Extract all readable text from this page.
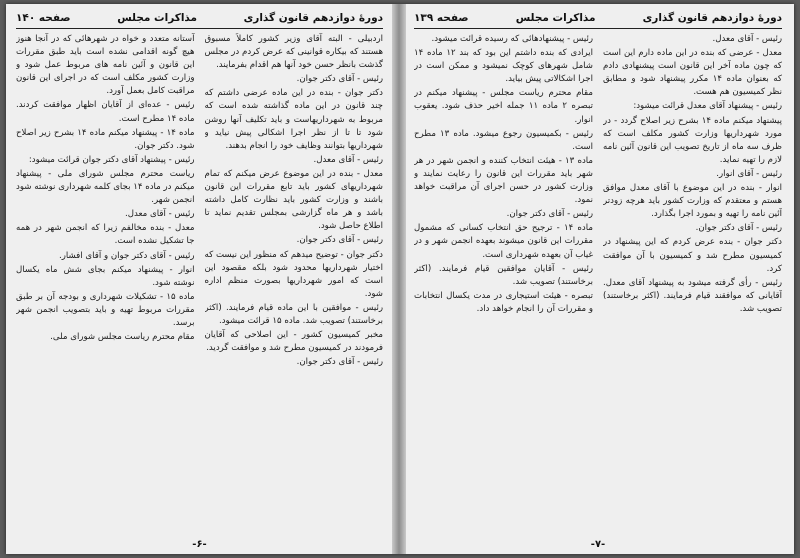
دورهٔ دوازدهم قانون گذاری
مذاکرات مجلس
صفحه ۱۴۰

اردبیلی - البته آقای وزیر کشور کاملاً مسبوق هستند که بیکاره قوانینی که عرض کردم در مجلس گذشت بانظر حسن خود آنها هم اقدام بفرمایند.

رئیس - آقای دکتر جوان.

دکتر جوان - بنده در این ماده عرضی داشتم که چند قانون در این ماده گذاشته شده است که مربوط به شهرداریهاست و باید تکلیف آنها روشن شود تا تا از نظر اجرا اشکالی پیش نیاید و شهرداریها بتوانند وظایف خود را انجام بدهند.

رئیس - آقای معدل.

معدل - بنده در این موضوع عرض میکنم که تمام شهرداریهای کشور باید تابع مقررات این قانون باشند و وزارت کشور باید نظارت کامل داشته باشد و هر ماه گزارشی بمجلس تقدیم نماید تا اطلاع حاصل شود.

رئیس - آقای دکتر جوان.

دکتر جوان - توضیح میدهم که منظور این نیست که اختیار شهرداریها محدود شود بلکه مقصود این است که امور شهرداریها بصورت منظم اداره شود.

رئیس - موافقین با این ماده قیام فرمایند. (اکثر برخاستند) تصویب شد. ماده ۱۵ قرائت میشود.

مخبر کمیسیون کشور - این اصلاحی که آقایان فرمودند در کمیسیون مطرح شد و موافقت گردید.

رئیس - آقای دکتر جوان.

آستانه متعدد و خواه در شهرهائی که در آنجا هنوز هیچ گونه اقدامی نشده است باید طبق مقررات این قانون و آئین نامه های مربوط عمل شود و وزارت کشور مکلف است که در اجرای این قانون مراقبت کامل بعمل آورد.

رئیس - عده‌ای از آقایان اظهار موافقت کردند. ماده ۱۴ مطرح است.

ماده ۱۴ - پیشنهاد میکنم ماده ۱۴ بشرح زیر اصلاح شود. دکتر جوان.

رئیس - پیشنهاد آقای دکتر جوان قرائت میشود:

ریاست محترم مجلس شورای ملی - پیشنهاد میکنم در ماده ۱۴ بجای کلمه شهرداری نوشته شود انجمن شهر.

رئیس - آقای معدل.

معدل - بنده مخالفم زیرا که انجمن شهر در همه جا تشکیل نشده است.

رئیس - آقای دکتر جوان و آقای افشار.

انوار - پیشنهاد میکنم بجای شش ماه یکسال نوشته شود.

ماده ۱۵ - تشکیلات شهرداری و بودجه آن بر طبق مقررات مربوط تهیه و باید بتصویب انجمن شهر برسد.

مقام محترم ریاست مجلس شورای ملی.

-۶-
دورهٔ دوازدهم قانون گذاری
مذاکرات مجلس
صفحه ۱۳۹

رئیس - آقای معدل.

معدل - عرضی که بنده در این ماده دارم این است که چون ماده آخر این قانون است پیشنهادی دادم که بعنوان ماده ۱۴ مکرر پیشنهاد شود و مطابق نظر کمیسیون هم هست.

رئیس - پیشنهاد آقای معدل قرائت میشود:

پیشنهاد میکنم ماده ۱۴ بشرح زیر اصلاح گردد - در مورد شهرداریها وزارت کشور مکلف است که ظرف سه ماه از تاریخ تصویب این قانون آئین نامه لازم را تهیه نماید.

رئیس - آقای انوار.

انوار - بنده در این موضوع با آقای معدل موافق هستم و معتقدم که وزارت کشور باید هرچه زودتر آئین نامه را تهیه و بمورد اجرا بگذارد.

رئیس - آقای دکتر جوان.

دکتر جوان - بنده عرض کردم که این پیشنهاد در کمیسیون مطرح شد و کمیسیون با آن موافقت کرد.

رئیس - رأی گرفته میشود به پیشنهاد آقای معدل. آقایانی که موافقند قیام فرمایند. (اکثر برخاستند) تصویب شد.

رئیس - پیشنهادهائی که رسیده قرائت میشود.

ایرادی که بنده داشتم این بود که بند ۱۲ ماده ۱۴ شامل شهرهای کوچک نمیشود و ممکن است در اجرا اشکالاتی پیش بیاید.

مقام محترم ریاست مجلس - پیشنهاد میکنم در تبصره ۲ ماده ۱۱ جمله اخیر حذف شود. یعقوب انوار.

رئیس - بکمیسیون رجوع میشود. ماده ۱۳ مطرح است.

ماده ۱۳ - هیئت انتخاب کننده و انجمن شهر در هر شهر باید مقررات این قانون را رعایت نمایند و وزارت کشور در حسن اجرای آن مراقبت خواهد نمود.

رئیس - آقای دکتر جوان.

ماده ۱۴ - ترجیح حق انتخاب کسانی که مشمول مقررات این قانون میشوند بعهده انجمن شهر و در غیاب آن بعهده شهرداری است.

رئیس - آقایان موافقین قیام فرمایند. (اکثر برخاستند) تصویب شد.

تبصره - هیئت استیجاری در مدت یکسال انتخابات و مقررات آن را انجام خواهد داد.

-۷-
